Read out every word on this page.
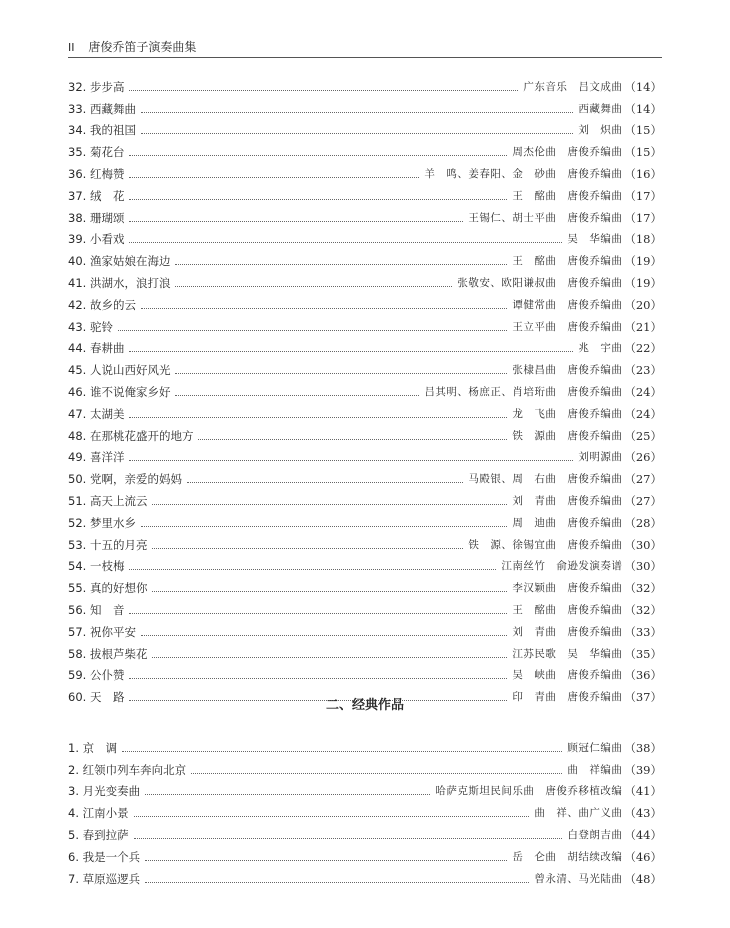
II 唐俊乔笛子演奏曲集
32. 步步高	广东音乐　吕文成曲 （14）
33. 西藏舞曲	西藏舞曲 （14）
34. 我的祖国	刘　炽曲 （15）
35. 菊花台	周杰伦曲　唐俊乔编曲 （15）
36. 红梅赞	羊　鸣、姜春阳、金　砂曲　唐俊乔编曲 （16）
37. 绒　花	王　酩曲　唐俊乔编曲 （17）
38. 珊瑚颂	王锡仁、胡士平曲　唐俊乔编曲 （17）
39. 小看戏	吴　华编曲 （18）
40. 渔家姑娘在海边	王　酩曲　唐俊乔编曲 （19）
41. 洪湖水，浪打浪	张敬安、欧阳谦叔曲　唐俊乔编曲 （19）
42. 故乡的云	谭健常曲　唐俊乔编曲 （20）
43. 驼铃	王立平曲　唐俊乔编曲 （21）
44. 春耕曲	兆　宇曲 （22）
45. 人说山西好风光	张棣昌曲　唐俊乔编曲 （23）
46. 谁不说俺家乡好	吕其明、杨庶正、肖培珩曲　唐俊乔编曲 （24）
47. 太湖美	龙　飞曲　唐俊乔编曲 （24）
48. 在那桃花盛开的地方	铁　源曲　唐俊乔编曲 （25）
49. 喜洋洋	刘明源曲 （26）
50. 党啊，亲爱的妈妈	马殿银、周　右曲　唐俊乔编曲 （27）
51. 高天上流云	刘　青曲　唐俊乔编曲 （27）
52. 梦里水乡	周　迪曲　唐俊乔编曲 （28）
53. 十五的月亮	铁　源、徐锡宜曲　唐俊乔编曲 （30）
54. 一枝梅	江南丝竹　俞逊发演奏谱 （30）
55. 真的好想你	李汉颖曲　唐俊乔编曲 （32）
56. 知　音	王　酩曲　唐俊乔编曲 （32）
57. 祝你平安	刘　青曲　唐俊乔编曲 （33）
58. 拔根芦柴花	江苏民歌　吴　华编曲 （35）
59. 公仆赞	吴　峡曲　唐俊乔编曲 （36）
60. 天　路	印　青曲　唐俊乔编曲 （37）
二、经典作品
1. 京　调	顾冠仁编曲 （38）
2. 红领巾列车奔向北京	曲　祥编曲 （39）
3. 月光变奏曲	哈萨克斯坦民间乐曲　唐俊乔移植改编 （41）
4. 江南小景	曲　祥、曲广义曲 （43）
5. 春到拉萨	白登朗吉曲 （44）
6. 我是一个兵	岳　仑曲　胡结续改编 （46）
7. 草原巡逻兵	曾永清、马光陆曲 （48）
